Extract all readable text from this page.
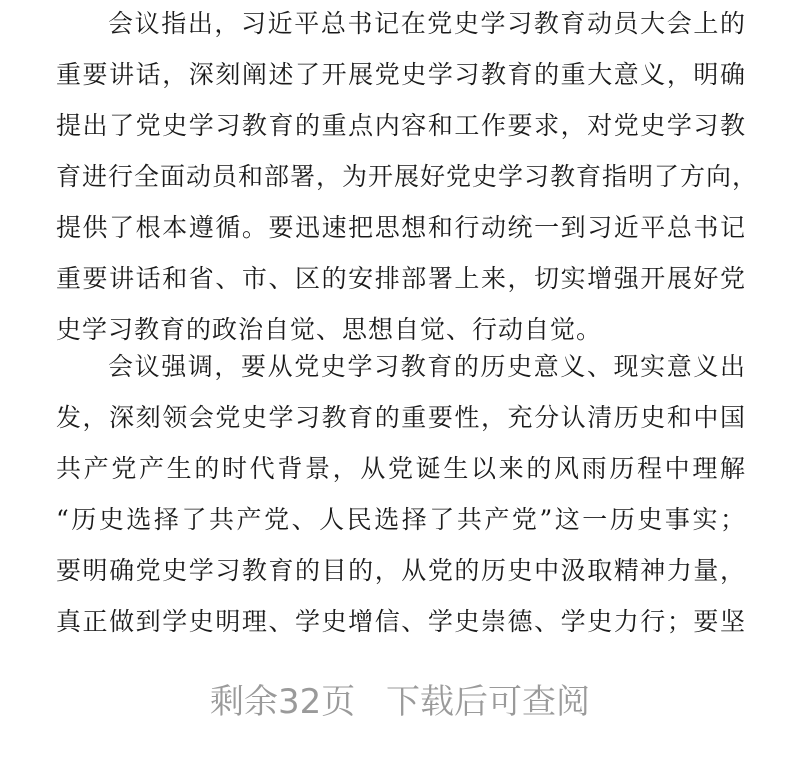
会议指出，习近平总书记在党史学习教育动员大会上的
重要讲话，深刻阐述了开展党史学习教育的重大意义，明确
提出了党史学习教育的重点内容和工作要求，对党史学习教
育进行全面动员和部署，为开展好党史学习教育指明了方向，
提供了根本遵循。要迅速把思想和行动统一到习近平总书记
重要讲话和省、市、区的安排部署上来，切实增强开展好党
史学习教育的政治自觉、思想自觉、行动自觉。
会议强调，要从党史学习教育的历史意义、现实意义出
发，深刻领会党史学习教育的重要性，充分认清历史和中国
共产党产生的时代背景，从党诞生以来的风雨历程中理解
“历史选择了共产党、人民选择了共产党”这一历史事实；
要明确党史学习教育的目的，从党的历史中汲取精神力量，
真正做到学史明理、学史增信、学史崇德、学史力行；要坚
剩余32页 下载后可查阅
